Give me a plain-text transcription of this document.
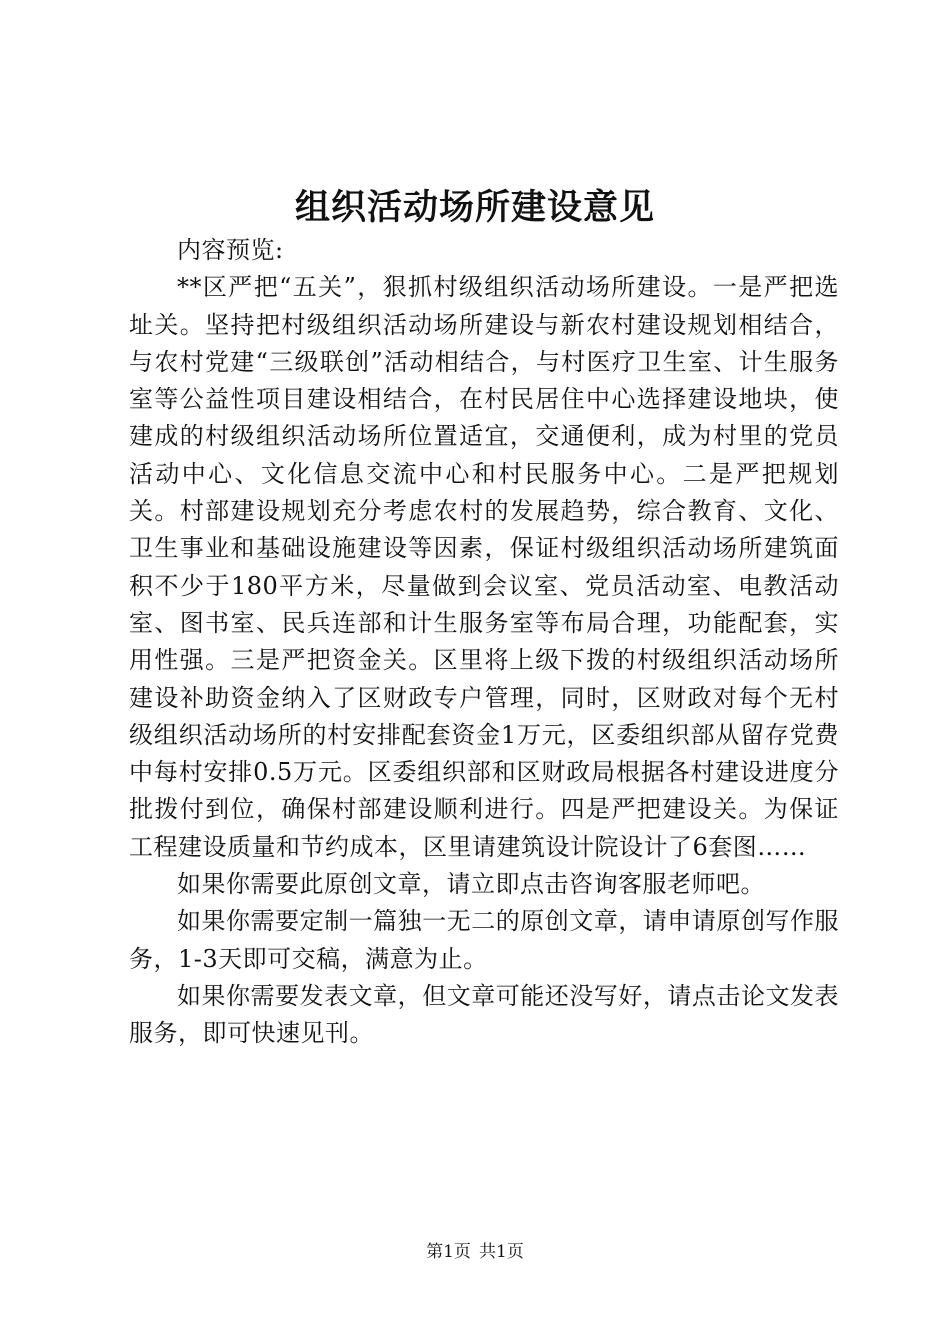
组织活动场所建设意见

内容预览:

**区严把“五关”，狠抓村级组织活动场所建设。一是严把选址关。坚持把村级组织活动场所建设与新农村建设规划相结合，与农村党建“三级联创”活动相结合，与村医疗卫生室、计生服务室等公益性项目建设相结合，在村民居住中心选择建设地块，使建成的村级组织活动场所位置适宜，交通便利，成为村里的党员活动中心、文化信息交流中心和村民服务中心。二是严把规划关。村部建设规划充分考虑农村的发展趋势，综合教育、文化、卫生事业和基础设施建设等因素，保证村级组织活动场所建筑面积不少于180平方米，尽量做到会议室、党员活动室、电教活动室、图书室、民兵连部和计生服务室等布局合理，功能配套，实用性强。三是严把资金关。区里将上级下拨的村级组织活动场所建设补助资金纳入了区财政专户管理，同时，区财政对每个无村级组织活动场所的村安排配套资金1万元，区委组织部从留存党费中每村安排0.5万元。区委组织部和区财政局根据各村建设进度分批拨付到位，确保村部建设顺利进行。四是严把建设关。为保证工程建设质量和节约成本，区里请建筑设计院设计了6套图……

如果你需要此原创文章，请立即点击咨询客服老师吧。

如果你需要定制一篇独一无二的原创文章，请申请原创写作服务，1-3天即可交稿，满意为止。

如果你需要发表文章，但文章可能还没写好，请点击论文发表服务，即可快速见刊。

第1页 共1页
